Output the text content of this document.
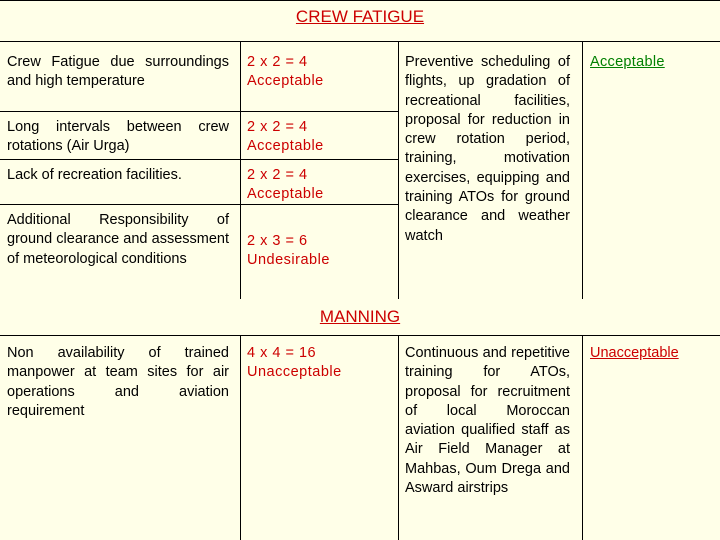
CREW FATIGUE
Crew Fatigue due surroundings and high temperature
2 x 2 = 4
Acceptable
Long intervals between crew rotations (Air Urga)
2 x 2 = 4
Acceptable
Lack of recreation facilities.	2 x 2 = 4
Acceptable
Additional Responsibility of ground clearance and assessment of meteorological conditions
2 x 3 = 6
Undesirable
Preventive scheduling of flights, up gradation of recreational facilities, proposal for reduction in crew rotation period, training, motivation exercises, equipping and training ATOs for ground clearance and weather watch
Acceptable
MANNING
Non availability of trained manpower at team sites for air operations and aviation requirement
4 x 4 = 16
Unacceptable
Continuous and repetitive training for ATOs, proposal for recruitment of local Moroccan aviation qualified staff as Air Field Manager at Mahbas, Oum Drega and Asward airstrips
Unacceptable
